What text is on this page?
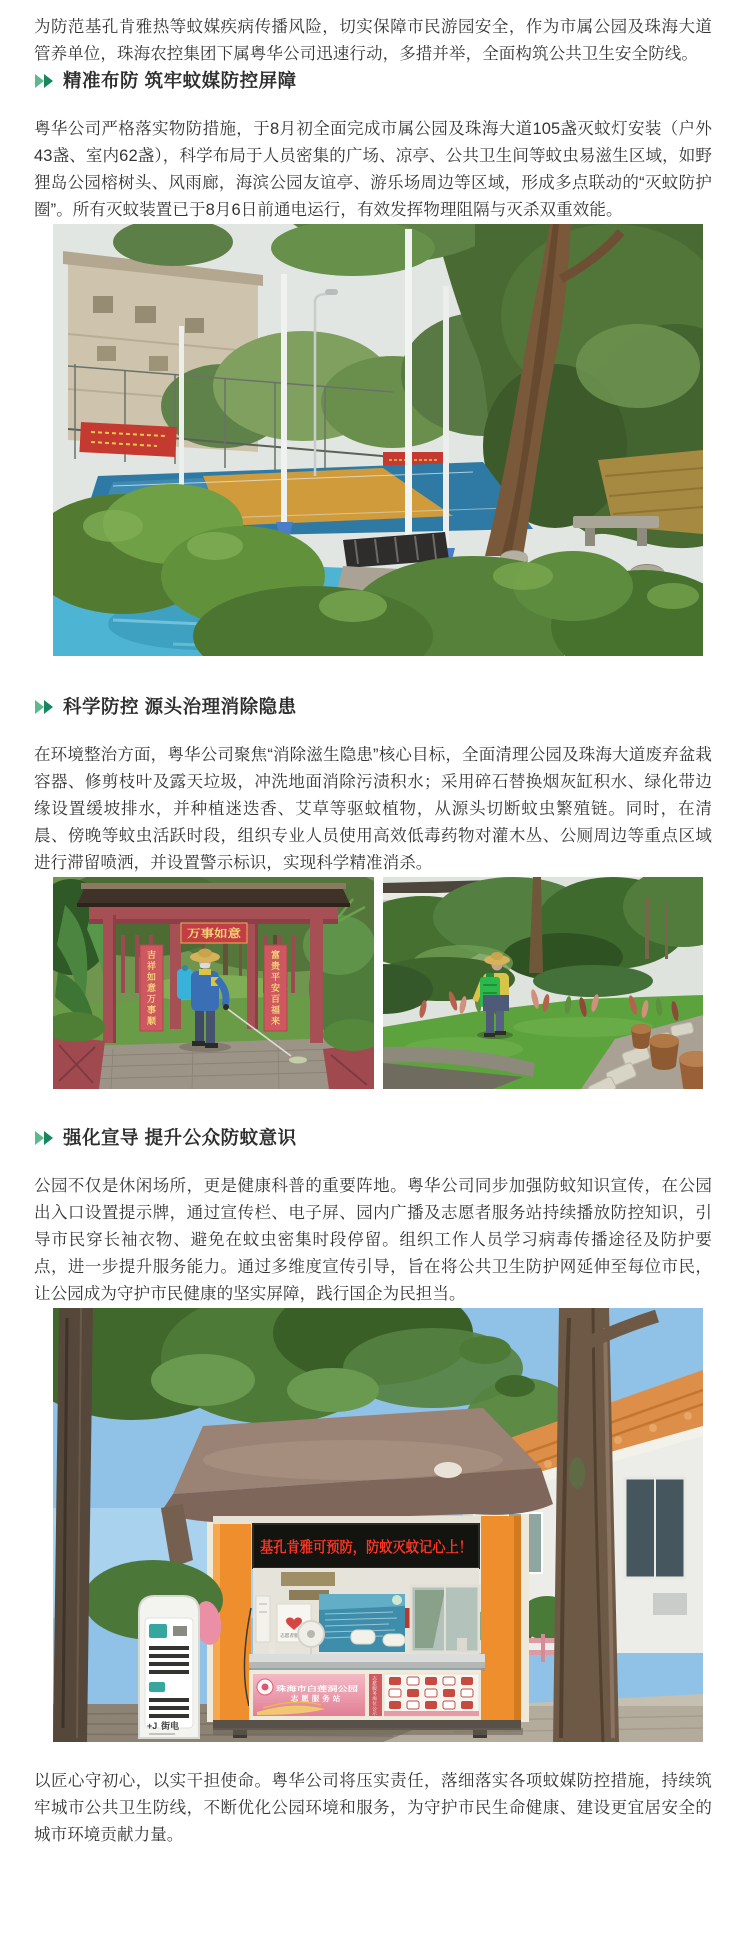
为防范基孔肯雅热等蚊媒疾病传播风险，切实保障市民游园安全，作为市属公园及珠海大道管养单位，珠海农控集团下属粤华公司迅速行动，多措并举，全面构筑公共卫生安全防线。

精准布防 筑牢蚊媒防控屏障

粤华公司严格落实物防措施，于8月初全面完成市属公园及珠海大道105盏灭蚊灯安装（户外43盏、室内62盏），科学布局于人员密集的广场、凉亭、公共卫生间等蚊虫易滋生区域，如野狸岛公园榕树头、风雨廊，海滨公园友谊亭、游乐场周边等区域，形成多点联动的“灭蚊防护圈”。所有灭蚊装置已于8月6日前通电运行，有效发挥物理阻隔与灭杀双重效能。

科学防控 源头治理消除隐患

在环境整治方面，粤华公司聚焦“消除滋生隐患”核心目标，全面清理公园及珠海大道废弃盆栽容器、修剪枝叶及露天垃圾，冲洗地面消除污渍积水；采用碎石替换烟灰缸积水、绿化带边缘设置缓坡排水，并种植迷迭香、艾草等驱蚊植物，从源头切断蚊虫繁殖链。同时，在清晨、傍晚等蚊虫活跃时段，组织专业人员使用高效低毒药物对灌木丛、公厕周边等重点区域进行滞留喷洒，并设置警示标识，实现科学精准消杀。

万事如意
吉祥如意万事顺	富贵平安百福来
强化宣导 提升公众防蚊意识

公园不仅是休闲场所，更是健康科普的重要阵地。粤华公司同步加强防蚊知识宣传，在公园出入口设置提示牌，通过宣传栏、电子屏、园内广播及志愿者服务站持续播放防控知识，引导市民穿长袖衣物、避免在蚊虫密集时段停留。组织工作人员学习病毒传播途径及防护要点，进一步提升服务能力。通过多维度宣传引导，旨在将公共卫生防护网延伸至每位市民，让公园成为守护市民健康的坚实屏障，践行国企为民担当。

基孔肯雅可预防，防蚊灭蚊记心上！
志愿者服务站
珠海市白莲洞公园
志愿服务站	志愿服务岗位公示
+J 街电

以匠心守初心，以实干担使命。粤华公司将压实责任，落细落实各项蚊媒防控措施，持续筑牢城市公共卫生防线，不断优化公园环境和服务，为守护市民生命健康、建设更宜居安全的城市环境贡献力量。
